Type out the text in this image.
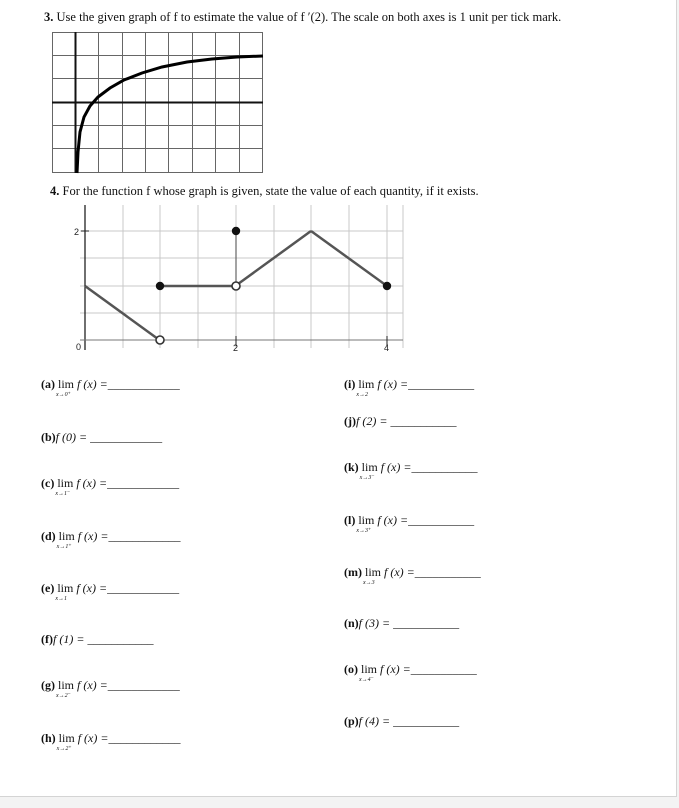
3. Use the given graph of f to estimate the value of f ′(2). The scale on both axes is 1 unit per tick mark.
4. For the function f whose graph is given, state the value of each quantity, if it exists.
0	2	4
2
(a) lim
x→0⁺
f (x) =____________
(b)f (0) = ____________
(c) lim
x→1⁻
f (x) =____________
(d) lim
x→1⁺
f (x) =____________
(e) lim
x→1
f (x) =____________
(f)f (1) = ___________
(g) lim
x→2⁻
f (x) =____________
(h) lim
x→2⁺
f (x) =____________
(i) lim
x→2
f (x) =___________
(j)f (2) = ___________
(k) lim
x→3⁻
f (x) =___________
(l) lim
x→3⁺
f (x) =___________
(m) lim
x→3
f (x) =___________
(n)f (3) = ___________
(o) lim
x→4⁻
f (x) =___________
(p)f (4) = ___________
